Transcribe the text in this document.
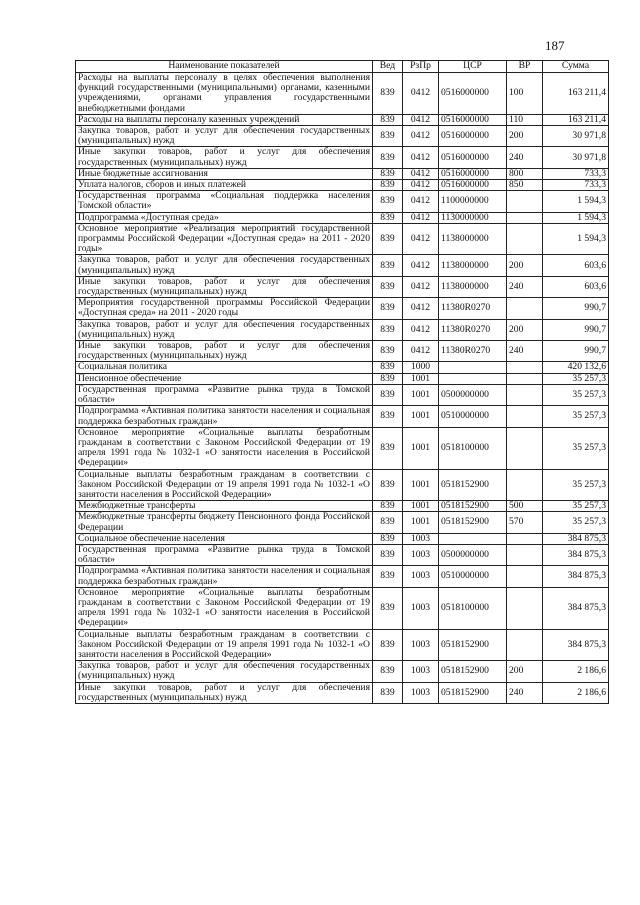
187
Наименование показателей	Вед	РзПр	ЦСР	ВР	Сумма
Расходы на выплаты персоналу в целях обеспечения выполнения функций государственными (муниципальными) органами, казенными учреждениями, органами управления государственными внебюджетными фондами	839	0412	0516000000	100	163 211,4
Расходы на выплаты персоналу казенных учреждений	839	0412	0516000000	110	163 211,4
Закупка товаров, работ и услуг для обеспечения государственных (муниципальных) нужд	839	0412	0516000000	200	30 971,8
Иные закупки товаров, работ и услуг для обеспечения государственных (муниципальных) нужд	839	0412	0516000000	240	30 971,8
Иные бюджетные ассигнования	839	0412	0516000000	800	733,3
Уплата налогов, сборов и иных платежей	839	0412	0516000000	850	733,3
Государственная программа «Социальная поддержка населения Томской области»	839	0412	1100000000		1 594,3
Подпрограмма «Доступная среда»	839	0412	1130000000		1 594,3
Основное мероприятие «Реализация мероприятий государственной программы Российской Федерации «Доступная среда» на 2011 - 2020 годы»	839	0412	1138000000		1 594,3
Закупка товаров, работ и услуг для обеспечения государственных (муниципальных) нужд	839	0412	1138000000	200	603,6
Иные закупки товаров, работ и услуг для обеспечения государственных (муниципальных) нужд	839	0412	1138000000	240	603,6
Мероприятия государственной программы Российской Федерации «Доступная среда» на 2011 - 2020 годы	839	0412	11380R0270		990,7
Закупка товаров, работ и услуг для обеспечения государственных (муниципальных) нужд	839	0412	11380R0270	200	990,7
Иные закупки товаров, работ и услуг для обеспечения государственных (муниципальных) нужд	839	0412	11380R0270	240	990,7
Социальная политика	839	1000			420 132,6
Пенсионное обеспечение	839	1001			35 257,3
Государственная программа «Развитие рынка труда в Томской области»	839	1001	0500000000		35 257,3
Подпрограмма «Активная политика занятости населения и социальная поддержка безработных граждан»	839	1001	0510000000		35 257,3
Основное мероприятие «Социальные выплаты безработным гражданам в соответствии с Законом Российской Федерации от 19 апреля 1991 года № 1032-1 «О занятости населения в Российской Федерации»	839	1001	0518100000		35 257,3
Социальные выплаты безработным гражданам в соответствии с Законом Российской Федерации от 19 апреля 1991 года № 1032-1 «О занятости населения в Российской Федерации»	839	1001	0518152900		35 257,3
Межбюджетные трансферты	839	1001	0518152900	500	35 257,3
Межбюджетные трансферты бюджету Пенсионного фонда Российской Федерации	839	1001	0518152900	570	35 257,3
Социальное обеспечение населения	839	1003			384 875,3
Государственная программа «Развитие рынка труда в Томской области»	839	1003	0500000000		384 875,3
Подпрограмма «Активная политика занятости населения и социальная поддержка безработных граждан»	839	1003	0510000000		384 875,3
Основное мероприятие «Социальные выплаты безработным гражданам в соответствии с Законом Российской Федерации от 19 апреля 1991 года № 1032-1 «О занятости населения в Российской Федерации»	839	1003	0518100000		384 875,3
Социальные выплаты безработным гражданам в соответствии с Законом Российской Федерации от 19 апреля 1991 года № 1032-1 «О занятости населения в Российской Федерации»	839	1003	0518152900		384 875,3
Закупка товаров, работ и услуг для обеспечения государственных (муниципальных) нужд	839	1003	0518152900	200	2 186,6
Иные закупки товаров, работ и услуг для обеспечения государственных (муниципальных) нужд	839	1003	0518152900	240	2 186,6
